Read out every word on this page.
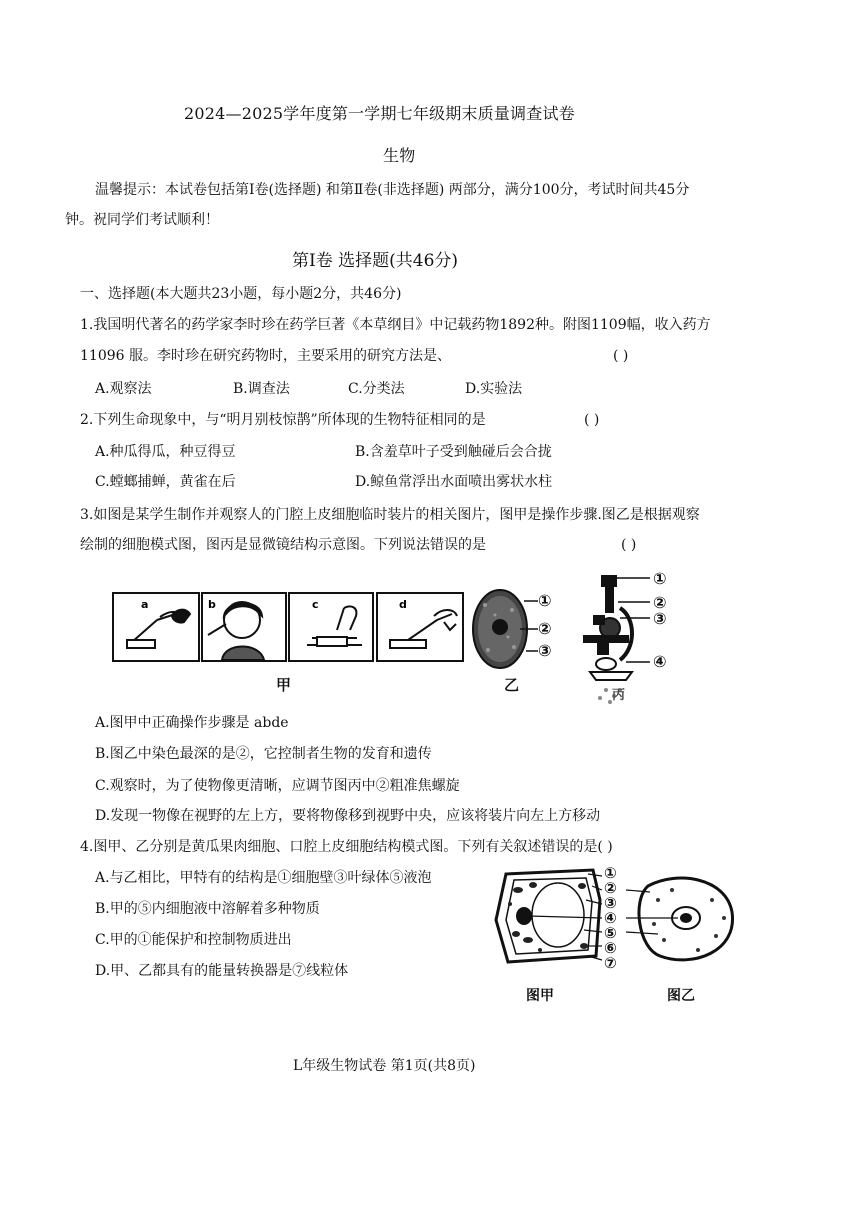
2024—2025学年度第一学期七年级期末质量调查试卷
生物
温馨提示：本试卷包括第Ⅰ卷(选择题) 和第Ⅱ卷(非选择题) 两部分，满分100分，考试时间共45分
钟。祝同学们考试顺利！
第Ⅰ卷 选择题(共46分)
一、选择题(本大题共23小题，每小题2分，共46分)
1.我国明代著名的药学家李时珍在药学巨著《本草纲目》中记载药物1892种。附图1109幅，收入药方
11096 服。李时珍在研究药物时，主要采用的研究方法是、	( )
A.观察法	B.调查法	C.分类法	D.实验法
2.下列生命现象中，与“明月别枝惊鹊”所体现的生物特征相同的是	( )
A.种瓜得瓜，种豆得豆	B.含羞草叶子受到触碰后会合拢
C.螳螂捕蝉，黄雀在后	D.鲸鱼常浮出水面喷出雾状水柱
3.如图是某学生制作并观察人的门腔上皮细胞临时装片的相关图片，图甲是操作步骤.图乙是根据观察
绘制的细胞模式图，图丙是显微镜结构示意图。下列说法错误的是	( )
a	b	c	d
甲
①
②
③
乙
①
②
③
④
丙
A.图甲中正确操作步骤是 abde
B.图乙中染色最深的是②，它控制者生物的发育和遗传
C.观察时，为了使物像更清晰，应调节图丙中②粗准焦螺旋
D.发现一物像在视野的左上方，要将物像移到视野中央，应该将装片向左上方移动
4.图甲、乙分别是黄瓜果肉细胞、口腔上皮细胞结构模式图。下列有关叙述错误的是( )
A.与乙相比，甲特有的结构是①细胞壁③叶绿体⑤液泡
B.甲的⑤内细胞液中溶解着多种物质
C.甲的①能保护和控制物质进出
D.甲、乙都具有的能量转换器是⑦线粒体
①
②
③
④
⑤
⑥
⑦
图甲	图乙
L年级生物试卷 第1页(共8页)
